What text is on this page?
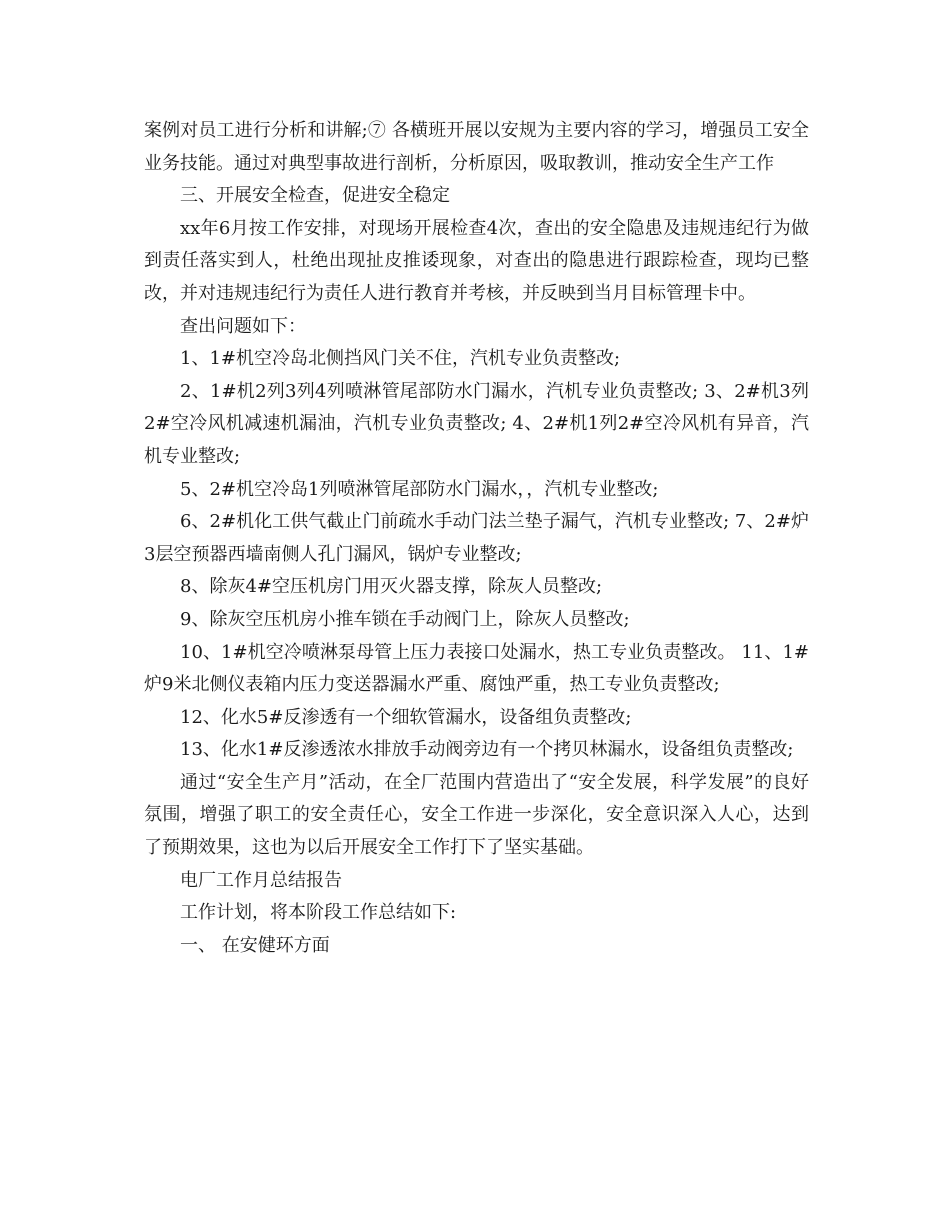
案例对员工进行分析和讲解;⑦ 各横班开展以安规为主要内容的学习，增强员工安全业务技能。通过对典型事故进行剖析，分析原因，吸取教训，推动安全生产工作

三、开展安全检查，促进安全稳定

xx年6月按工作安排，对现场开展检查4次，查出的安全隐患及违规违纪行为做到责任落实到人，杜绝出现扯皮推诿现象，对查出的隐患进行跟踪检查，现均已整改，并对违规违纪行为责任人进行教育并考核，并反映到当月目标管理卡中。

查出问题如下：

1、1#机空冷岛北侧挡风门关不住，汽机专业负责整改;

2、1#机2列3列4列喷淋管尾部防水门漏水，汽机专业负责整改; 3、2#机3列2#空冷风机减速机漏油，汽机专业负责整改; 4、2#机1列2#空冷风机有异音，汽机专业整改;

5、2#机空冷岛1列喷淋管尾部防水门漏水，，汽机专业整改;

6、2#机化工供气截止门前疏水手动门法兰垫子漏气，汽机专业整改; 7、2#炉3层空预器西墙南侧人孔门漏风，锅炉专业整改;

8、除灰4#空压机房门用灭火器支撑，除灰人员整改;

9、除灰空压机房小推车锁在手动阀门上，除灰人员整改;

10、1#机空冷喷淋泵母管上压力表接口处漏水，热工专业负责整改。 11、1#炉9米北侧仪表箱内压力变送器漏水严重、腐蚀严重，热工专业负责整改;

12、化水5#反渗透有一个细软管漏水，设备组负责整改;

13、化水1#反渗透浓水排放手动阀旁边有一个拷贝林漏水，设备组负责整改;

通过“安全生产月”活动，在全厂范围内营造出了“安全发展，科学发展”的良好氛围，增强了职工的安全责任心，安全工作进一步深化，安全意识深入人心，达到了预期效果，这也为以后开展安全工作打下了坚实基础。

电厂工作月总结报告

工作计划，将本阶段工作总结如下:

一、 在安健环方面
